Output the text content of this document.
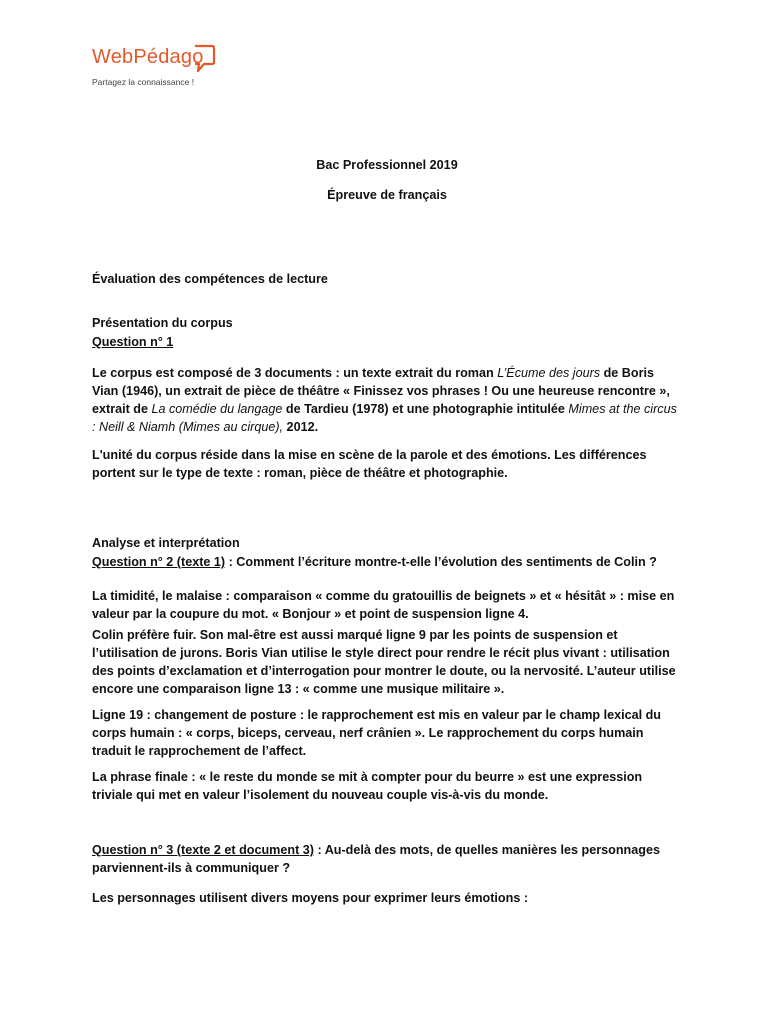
WebPédago
Partagez la connaissance !
Bac Professionnel 2019
Épreuve de français
Évaluation des compétences de lecture
Présentation du corpus
Question n° 1

Le corpus est composé de 3 documents : un texte extrait du roman L’Écume des jours de Boris Vian (1946), un extrait de pièce de théâtre « Finissez vos phrases ! Ou une heureuse rencontre », extrait de La comédie du langage de Tardieu (1978) et une photographie intitulée Mimes at the circus : Neill & Niamh (Mimes au cirque), 2012.

L'unité du corpus réside dans la mise en scène de la parole et des émotions. Les différences portent sur le type de texte : roman, pièce de théâtre et photographie.

Analyse et interprétation

Question n° 2 (texte 1) : Comment l’écriture montre-t-elle l’évolution des sentiments de Colin ?

La timidité, le malaise : comparaison « comme du gratouillis de beignets » et « hésitât » : mise en valeur par la coupure du mot. « Bonjour » et point de suspension ligne 4.

Colin préfère fuir. Son mal-être est aussi marqué ligne 9 par les points de suspension et l’utilisation de jurons. Boris Vian utilise le style direct pour rendre le récit plus vivant : utilisation des points d’exclamation et d’interrogation pour montrer le doute, ou la nervosité. L’auteur utilise encore une comparaison ligne 13 : « comme une musique militaire ».

Ligne 19 : changement de posture : le rapprochement est mis en valeur par le champ lexical du corps humain : « corps, biceps, cerveau, nerf crânien ». Le rapprochement du corps humain traduit le rapprochement de l’affect.

La phrase finale : « le reste du monde se mit à compter pour du beurre » est une expression triviale qui met en valeur l’isolement du nouveau couple vis-à-vis du monde.

Question n° 3 (texte 2 et document 3) : Au-delà des mots, de quelles manières les personnages parviennent-ils à communiquer ?

Les personnages utilisent divers moyens pour exprimer leurs émotions :
